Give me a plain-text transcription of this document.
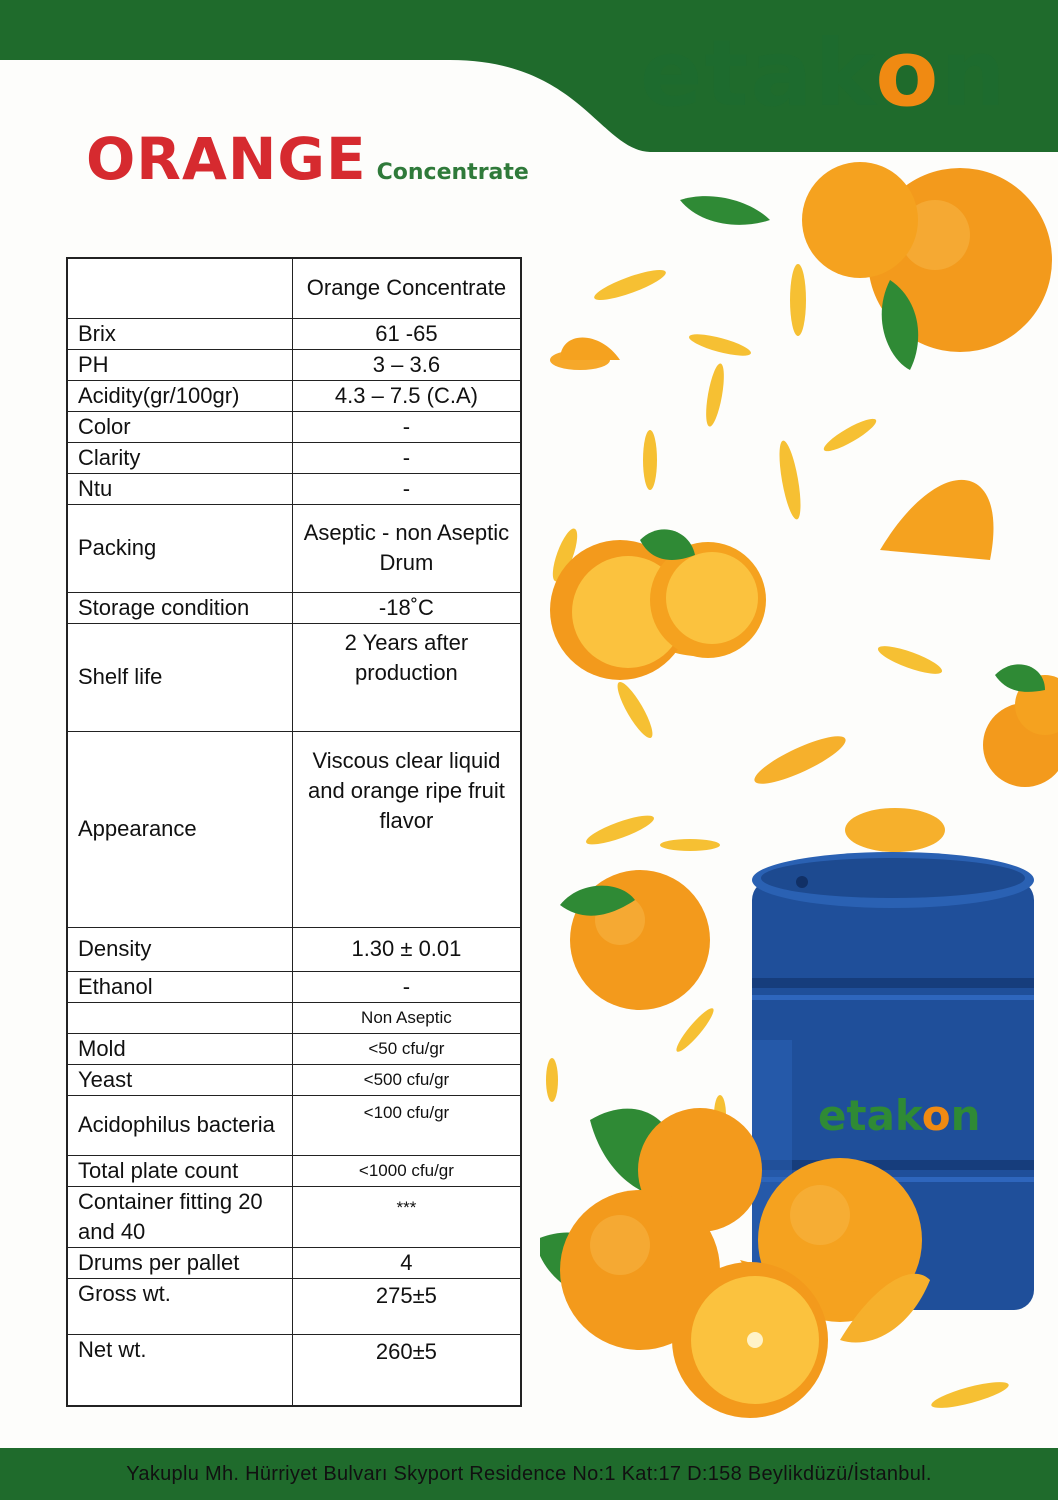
etakon
ORANGE Concentrate
	Orange Concentrate
Brix	61 -65
PH	3 – 3.6
Acidity(gr/100gr)	4.3 – 7.5 (C.A)
Color	-
Clarity	-
Ntu	-
Packing	Aseptic - non Aseptic Drum
Storage condition	-18˚C
Shelf life	2 Years after production
Appearance	Viscous clear liquid and orange ripe fruit flavor
Density	1.30 ± 0.01
Ethanol	-
	Non Aseptic
Mold	<50 cfu/gr
Yeast	<500 cfu/gr
Acidophilus bacteria	<100 cfu/gr
Total plate count	<1000 cfu/gr
Container fitting 20 and 40	***
Drums per pallet	4
Gross wt.	275±5
Net wt.	260±5
etakon
Yakuplu Mh. Hürriyet Bulvarı Skyport Residence No:1 Kat:17 D:158 Beylikdüzü/İstanbul.
